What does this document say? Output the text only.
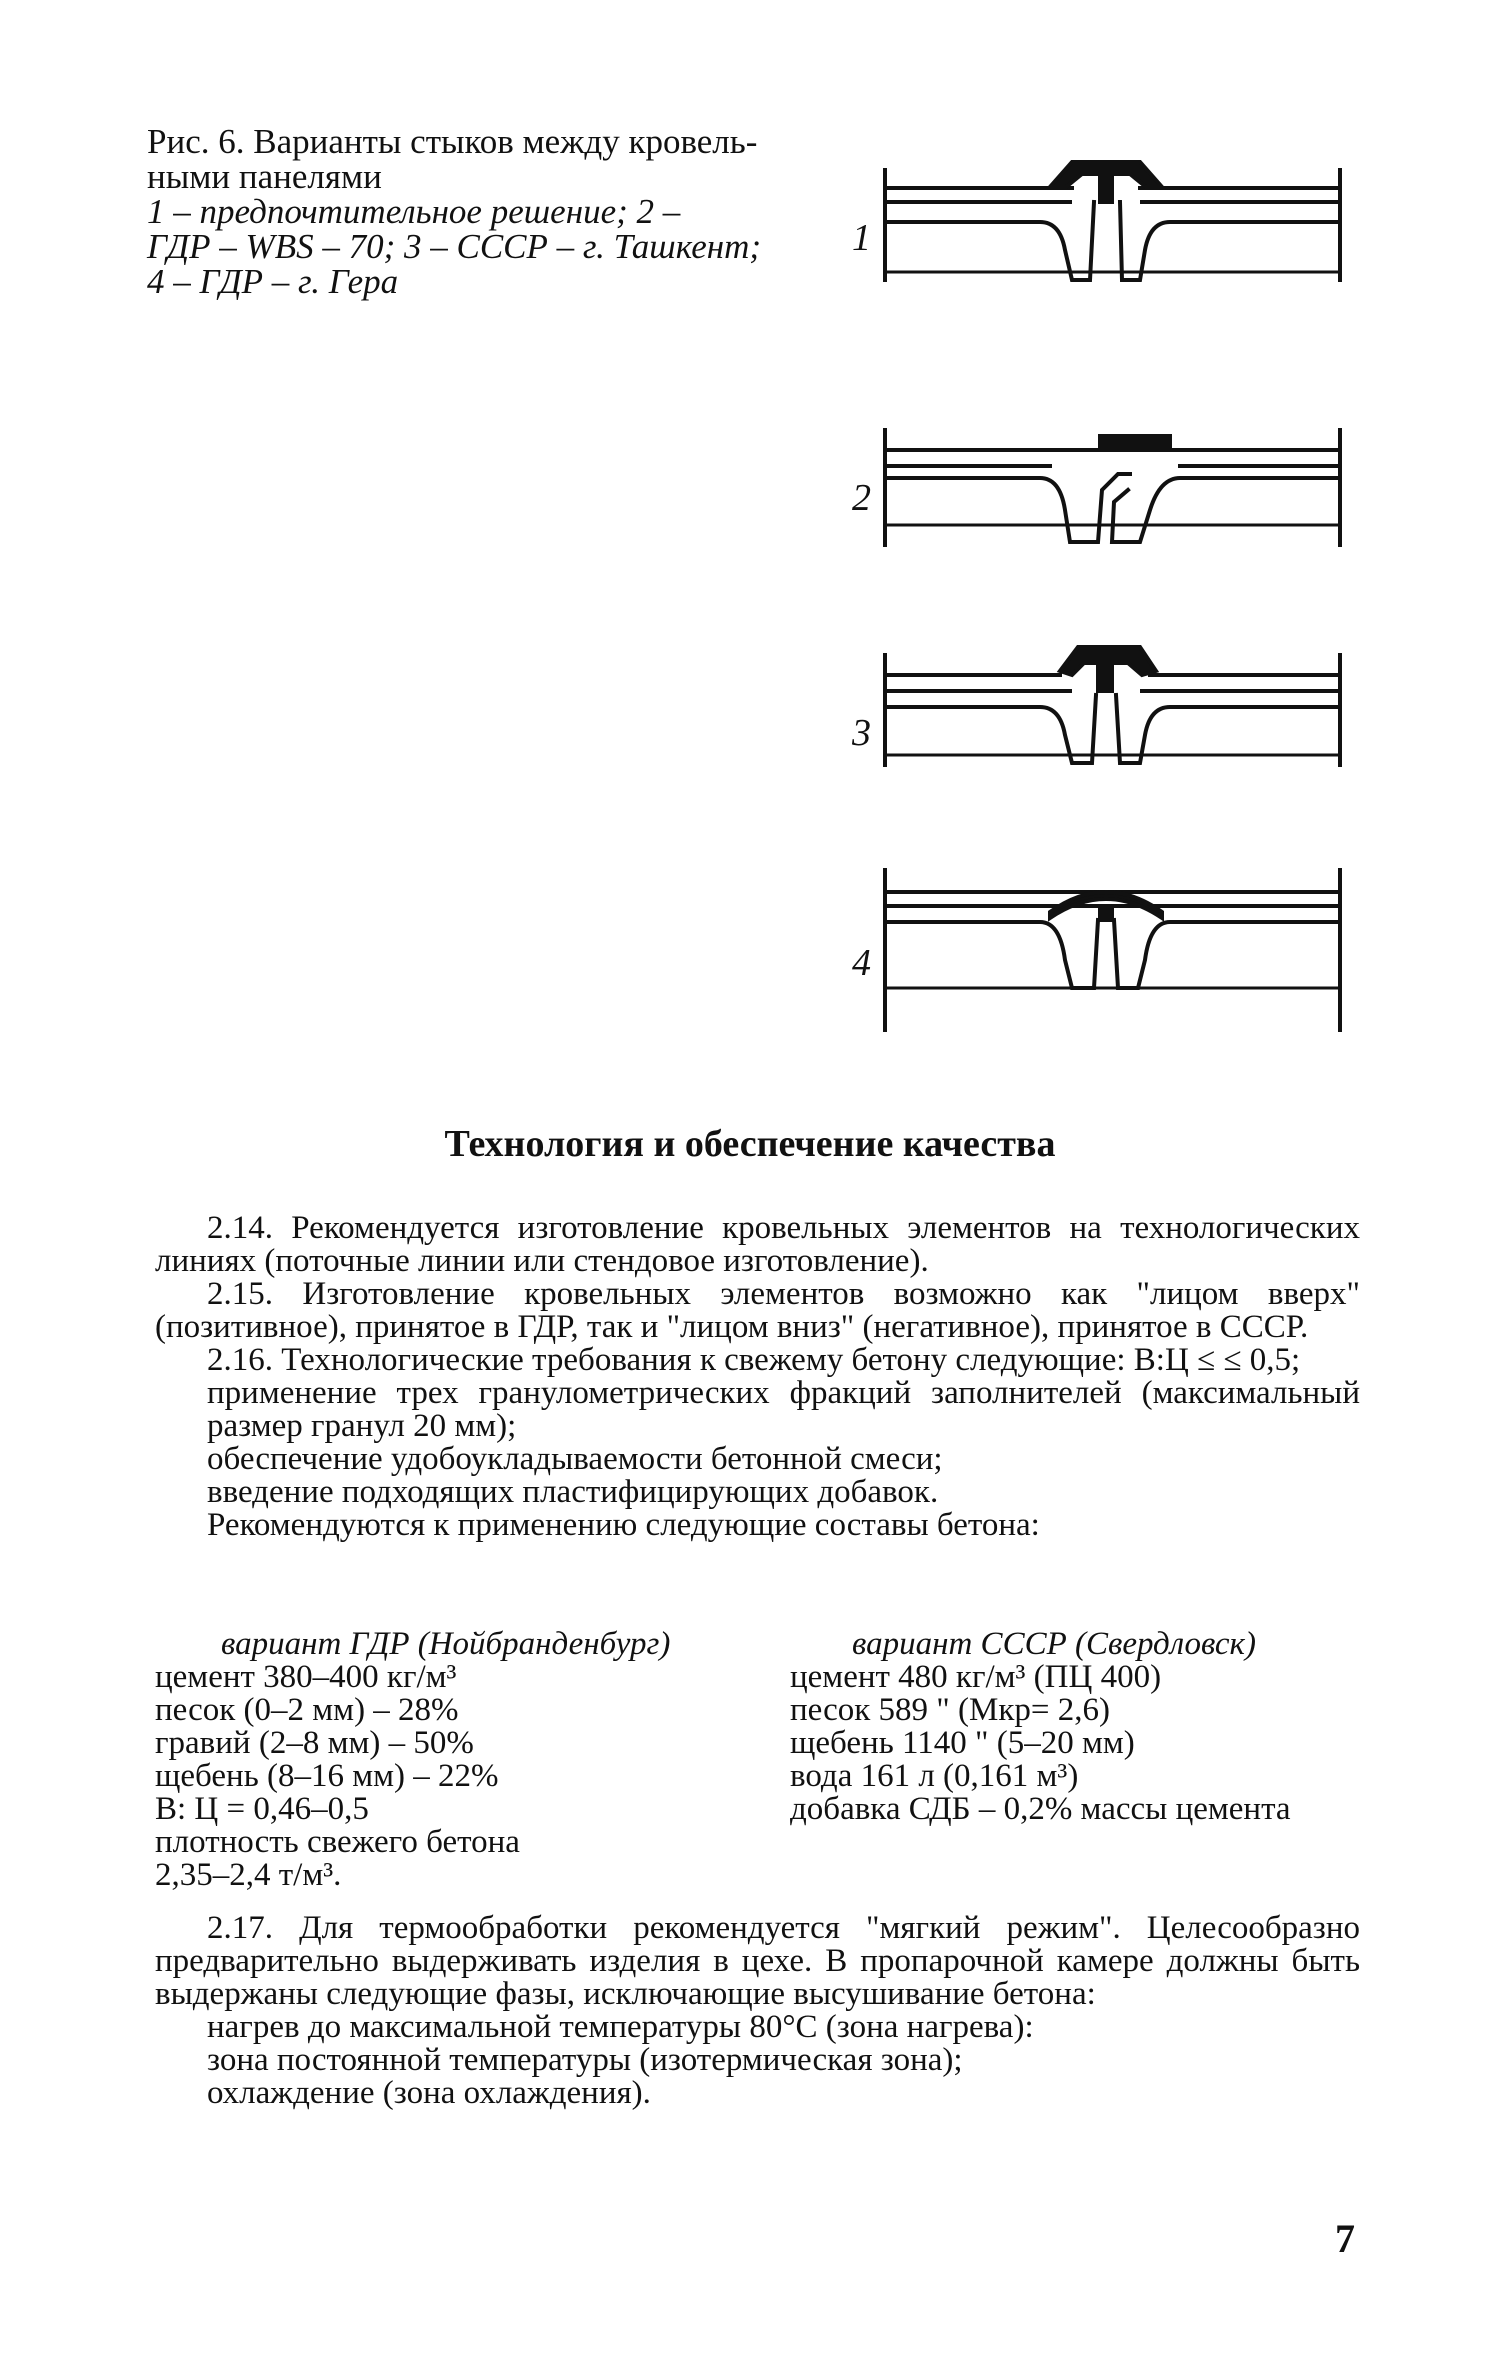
Рис. 6. Варианты стыков между кровель-
ными панелями
1 – предпочтительное решение; 2 –
ГДР – WBS – 70; 3 – СССР – г. Ташкент;
4 – ГДР – г. Гера
1
2
3
4
Технология и обеспечение качества

2.14. Рекомендуется изготовление кровельных элементов на технологических линиях (поточные линии или стендовое изготовление).

2.15. Изготовление кровельных элементов возможно как "лицом вверх" (позитивное), принятое в ГДР, так и "лицом вниз" (негативное), принятое в СССР.

2.16. Технологические требования к свежему бетону следующие: В:Ц ≤ ≤ 0,5;

применение трех гранулометрических фракций заполнителей (максимальный размер гранул 20 мм);

обеспечение удобоукладываемости бетонной смеси;

введение подходящих пластифицирующих добавок.

Рекомендуются к применению следующие составы бетона:

вариант ГДР (Нойбранденбург)
цемент 380–400 кг/м³
песок (0–2 мм) – 28%
гравий (2–8 мм) – 50%
щебень (8–16 мм) – 22%
В: Ц = 0,46–0,5
плотность свежего бетона
2,35–2,4 т/м³.
вариант СССР (Свердловск)
цемент 480 кг/м³ (ПЦ 400)
песок 589 " (Мкр= 2,6)
щебень 1140 " (5–20 мм)
вода 161 л (0,161 м³)
добавка СДБ – 0,2% массы цемента

2.17. Для термообработки рекомендуется "мягкий режим". Целесообразно предварительно выдерживать изделия в цехе. В пропарочной камере должны быть выдержаны следующие фазы, исключающие высушивание бетона:

нагрев до максимальной температуры 80°С (зона нагрева):

зона постоянной температуры (изотермическая зона);

охлаждение (зона охлаждения).

7
